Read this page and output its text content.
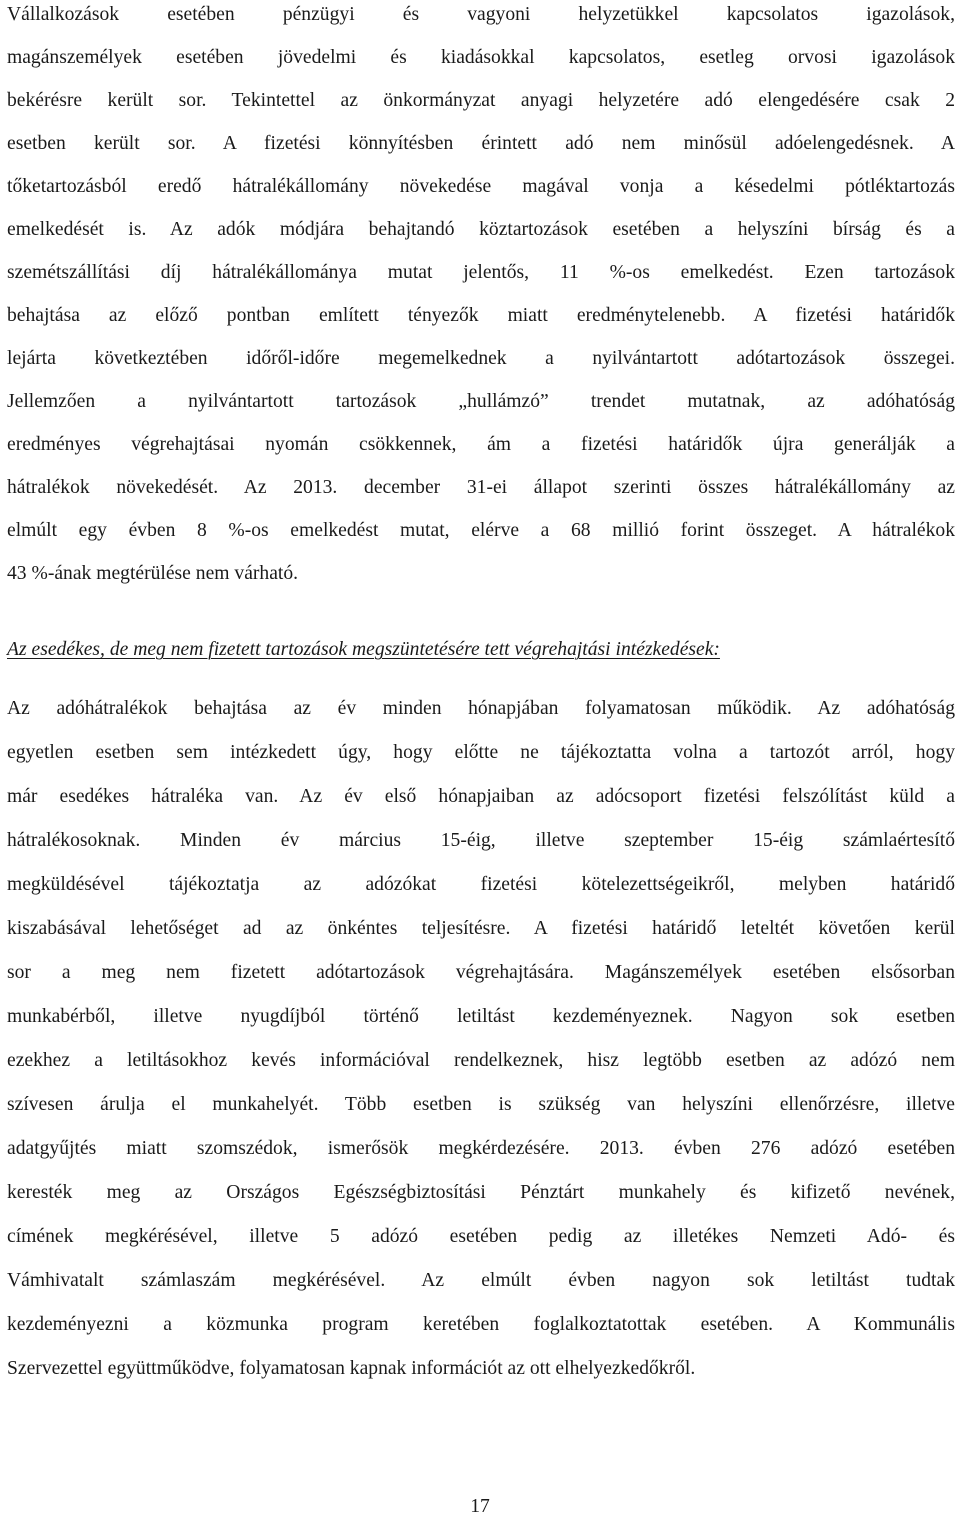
Vállalkozások esetében pénzügyi és vagyoni helyzetükkel kapcsolatos igazolások,
magánszemélyek esetében jövedelmi és kiadásokkal kapcsolatos, esetleg orvosi igazolások
bekérésre került sor. Tekintettel az önkormányzat anyagi helyzetére adó elengedésére csak 2
esetben került sor. A fizetési könnyítésben érintett adó nem minősül adóelengedésnek. A
tőketartozásból eredő hátralékállomány növekedése magával vonja a késedelmi pótléktartozás
emelkedését is. Az adók módjára behajtandó köztartozások esetében a helyszíni bírság és a
szemétszállítási díj hátralékállománya mutat jelentős, 11 %-os emelkedést. Ezen tartozások
behajtása az előző pontban említett tényezők miatt eredménytelenebb. A fizetési határidők
lejárta következtében időről-időre megemelkednek a nyilvántartott adótartozások összegei.
Jellemzően a nyilvántartott tartozások „hullámzó” trendet mutatnak, az adóhatóság
eredményes végrehajtásai nyomán csökkennek, ám a fizetési határidők újra generálják a
hátralékok növekedését. Az 2013. december 31-ei állapot szerinti összes hátralékállomány az
elmúlt egy évben 8 %-os emelkedést mutat, elérve a 68 millió forint összeget. A hátralékok
43 %-ának megtérülése nem várható.
Az esedékes, de meg nem fizetett tartozások megszüntetésére tett végrehajtási intézkedések:
Az adóhátralékok behajtása az év minden hónapjában folyamatosan működik. Az adóhatóság
egyetlen esetben sem intézkedett úgy, hogy előtte ne tájékoztatta volna a tartozót arról, hogy
már esedékes hátraléka van. Az év első hónapjaiban az adócsoport fizetési felszólítást küld a
hátralékosoknak. Minden év március 15-éig, illetve szeptember 15-éig számlaértesítő
megküldésével tájékoztatja az adózókat fizetési kötelezettségeikről, melyben határidő
kiszabásával lehetőséget ad az önkéntes teljesítésre. A fizetési határidő leteltét követően kerül
sor a meg nem fizetett adótartozások végrehajtására. Magánszemélyek esetében elsősorban
munkabérből, illetve nyugdíjból történő letiltást kezdeményeznek. Nagyon sok esetben
ezekhez a letiltásokhoz kevés információval rendelkeznek, hisz legtöbb esetben az adózó nem
szívesen árulja el munkahelyét. Több esetben is szükség van helyszíni ellenőrzésre, illetve
adatgyűjtés miatt szomszédok, ismerősök megkérdezésére. 2013. évben 276 adózó esetében
keresték meg az Országos Egészségbiztosítási Pénztárt munkahely és kifizető nevének,
címének megkérésével, illetve 5 adózó esetében pedig az illetékes Nemzeti Adó- és
Vámhivatalt számlaszám megkérésével. Az elmúlt évben nagyon sok letiltást tudtak
kezdeményezni a közmunka program keretében foglalkoztatottak esetében. A Kommunális
Szervezettel együttműködve, folyamatosan kapnak információt az ott elhelyezkedőkről.
17
